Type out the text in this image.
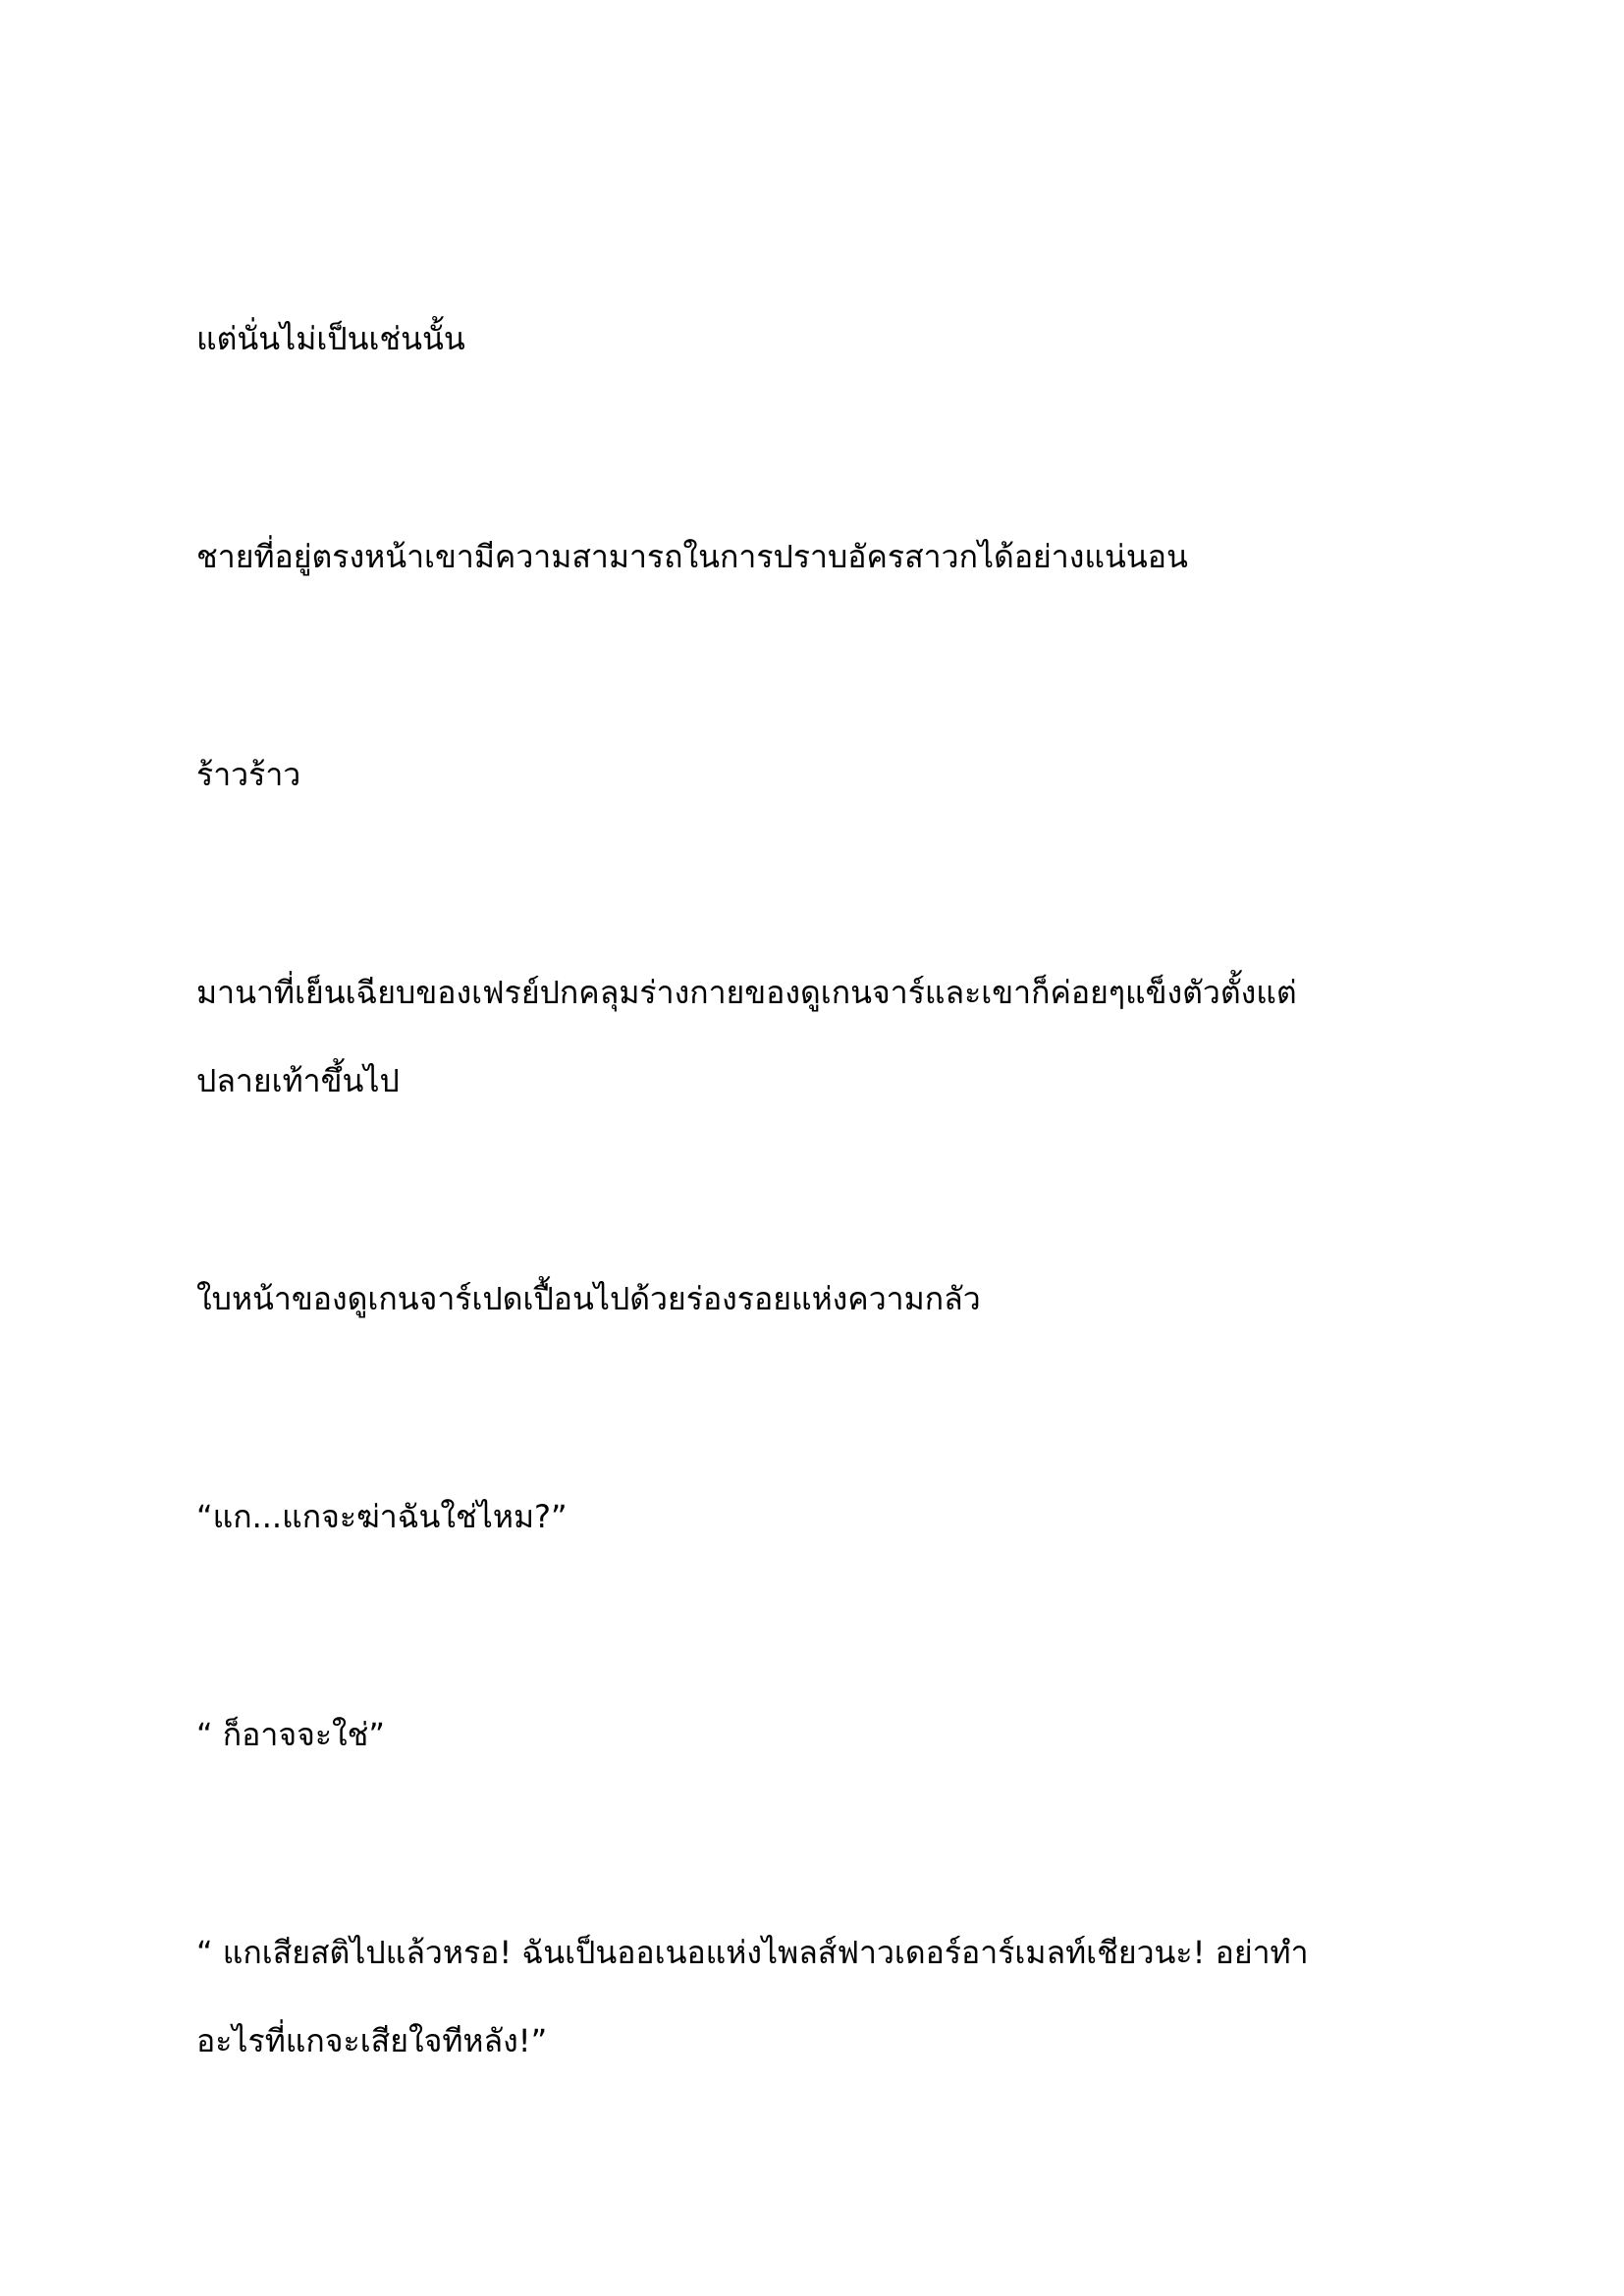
แต่นั่นไม่เป็นเช่นนั้น
ชายที่อยู่ตรงหน้าเขามีความสามารถในการปราบอัครสาวกได้อย่างแน่นอน
ร้าวร้าว
มานาที่เย็นเฉียบของเฟรย์ปกคลุมร่างกายของดูเกนจาร์และเขาก็ค่อยๆแข็งตัวตั้งแต่
ปลายเท้าขึ้นไป
ใบหน้าของดูเกนจาร์เปดเปื้อนไปด้วยร่องรอยแห่งความกลัว
“แก...แกจะฆ่าฉันใช่ไหม?”
“ ก็อาจจะใช่”
“ แกเสียสติไปแล้วหรอ! ฉันเป็นออเนอแห่งไพลส์ฟาวเดอร์อาร์เมลท์เชียวนะ! อย่าทำ
อะไรที่แกจะเสียใจทีหลัง!”
